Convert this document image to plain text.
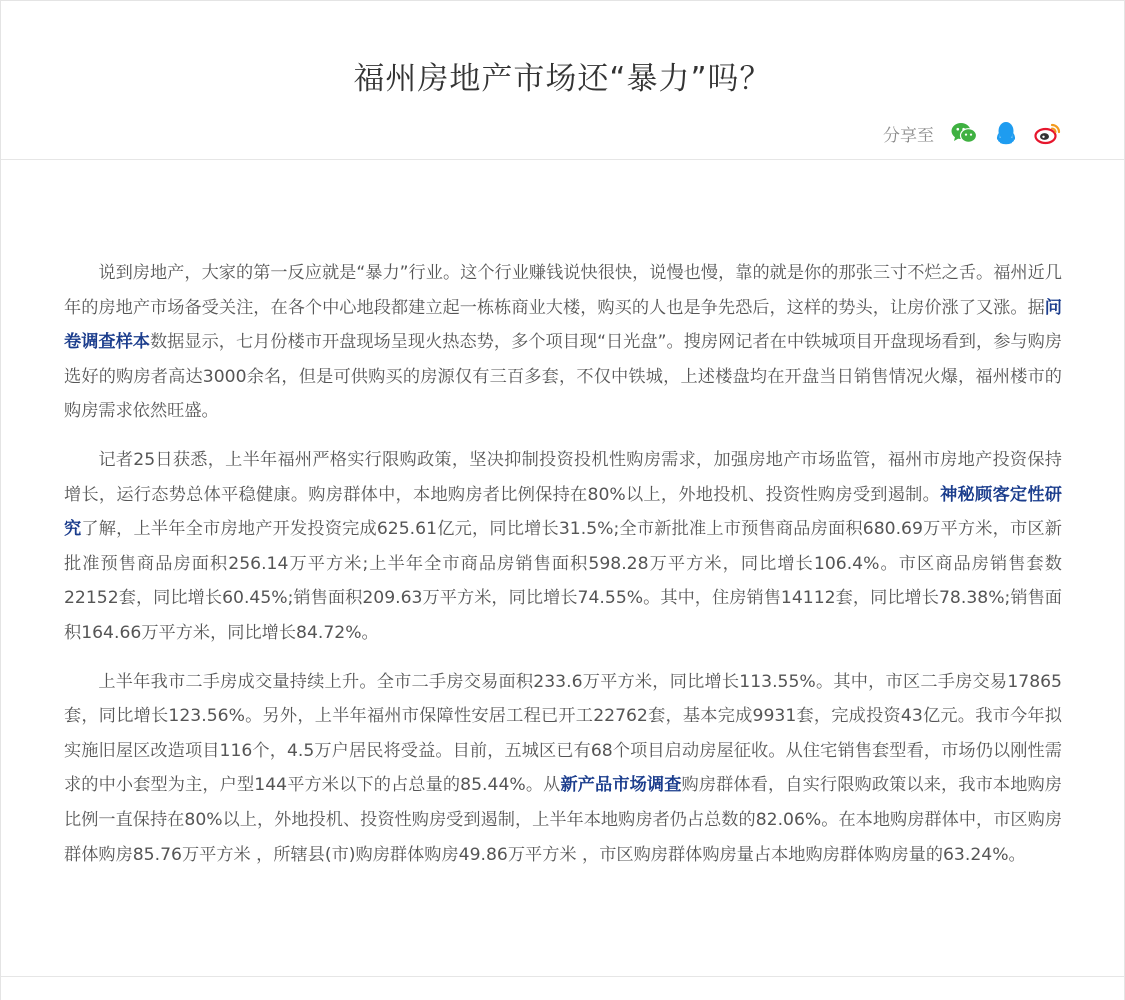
福州房地产市场还“暴力”吗？
分享至

说到房地产，大家的第一反应就是“暴力”行业。这个行业赚钱说快很快，说慢也慢，靠的就是你的那张三寸不烂之舌。福州近几年的房地产市场备受关注，在各个中心地段都建立起一栋栋商业大楼，购买的人也是争先恐后，这样的势头，让房价涨了又涨。据问卷调查样本数据显示，七月份楼市开盘现场呈现火热态势，多个项目现“日光盘”。搜房网记者在中铁城项目开盘现场看到，参与购房选好的购房者高达3000余名，但是可供购买的房源仅有三百多套，不仅中铁城，上述楼盘均在开盘当日销售情况火爆，福州楼市的购房需求依然旺盛。

记者25日获悉，上半年福州严格实行限购政策，坚决抑制投资投机性购房需求，加强房地产市场监管，福州市房地产投资保持增长，运行态势总体平稳健康。购房群体中，本地购房者比例保持在80%以上，外地投机、投资性购房受到遏制。神秘顾客定性研究了解，上半年全市房地产开发投资完成625.61亿元，同比增长31.5%;全市新批准上市预售商品房面积680.69万平方米，市区新批准预售商品房面积256.14万平方米;上半年全市商品房销售面积598.28万平方米，同比增长106.4%。市区商品房销售套数22152套，同比增长60.45%;销售面积209.63万平方米，同比增长74.55%。其中，住房销售14112套，同比增长78.38%;销售面积164.66万平方米，同比增长84.72%。

上半年我市二手房成交量持续上升。全市二手房交易面积233.6万平方米，同比增长113.55%。其中，市区二手房交易17865套，同比增长123.56%。另外，上半年福州市保障性安居工程已开工22762套，基本完成9931套，完成投资43亿元。我市今年拟实施旧屋区改造项目116个，4.5万户居民将受益。目前，五城区已有68个项目启动房屋征收。从住宅销售套型看，市场仍以刚性需求的中小套型为主，户型144平方米以下的占总量的85.44%。从新产品市场调查购房群体看，自实行限购政策以来，我市本地购房比例一直保持在80%以上，外地投机、投资性购房受到遏制，上半年本地购房者仍占总数的82.06%。在本地购房群体中，市区购房群体购房85.76万平方米 ，所辖县(市)购房群体购房49.86万平方米 ，市区购房群体购房量占本地购房群体购房量的63.24%。
